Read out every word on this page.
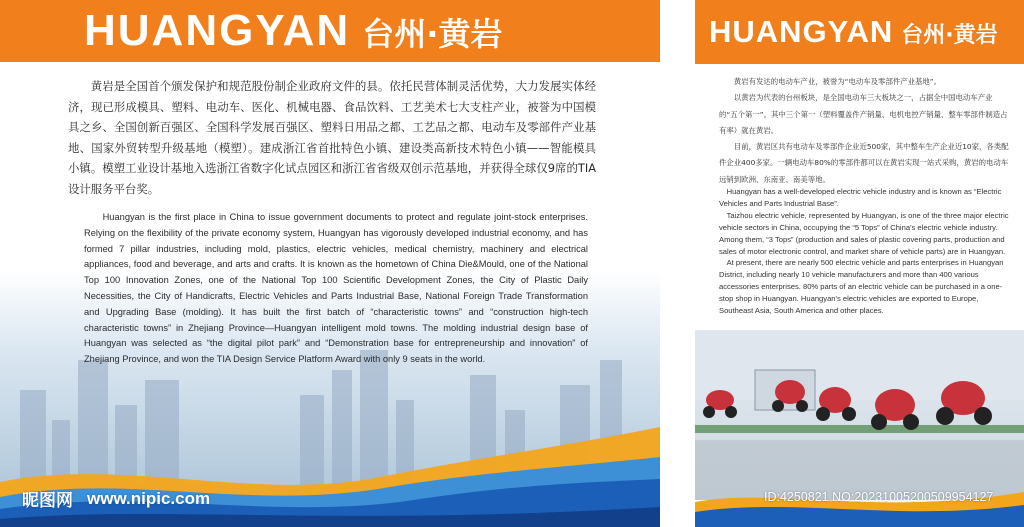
HUANGYAN 台州·黄岩
黄岩是全国首个颁发保护和规范股份制企业政府文件的县。依托民营体制灵活优势，大力发展实体经济，现已形成模具、塑料、电动车、医化、机械电器、食品饮料、工艺美术七大支柱产业，被誉为中国模具之乡、全国创新百强区、全国科学发展百强区、塑料日用品之都、工艺品之都、电动车及零部件产业基地、国家外贸转型升级基地（模塑）。建成浙江省首批特色小镇、建设类高新技术特色小镇——智能模具小镇。模塑工业设计基地入选浙江省数字化试点园区和浙江省省级双创示范基地，并获得全球仅9席的TIA设计服务平台奖。
Huangyan is the first place in China to issue government documents to protect and regulate joint-stock enterprises. Relying on the flexibility of the private economy system, Huangyan has vigorously developed industrial economy, and has formed 7 pillar industries, including mold, plastics, electric vehicles, medical chemistry, machinery and electrical appliances, food and beverage, and arts and crafts. It is known as the hometown of China Die&Mould, one of the National Top 100 Innovation Zones, one of the National Top 100 Scientific Development Zones, the City of Plastic Daily Necessities, the City of Handicrafts, Electric Vehicles and Parts Industrial Base, National Foreign Trade Transformation and Upgrading Base (molding). It has built the first batch of “characteristic towns” and “construction high-tech characteristic towns” in Zhejiang Province—Huangyan intelligent mold towns. The molding industrial design base of Huangyan was selected as “the digital pilot park” and “Demonstration base for entrepreneurship and innovation” of Zhejiang Province, and won the TIA Design Service Platform Award with only 9 seats in the world.
HUANGYAN 台州·黄岩

黄岩有发达的电动车产业，被誉为“电动车及零部件产业基地”。

以黄岩为代表的台州板块，是全国电动车三大板块之一，占据全中国电动车产业的“五个第一”。其中三个第一（塑料覆盖件产销量、电机电控产销量、整车零部件制造占有率）就在黄岩。

目前，黄岩区共有电动车及零部件企业近500家，其中整车生产企业近10家，各类配件企业400多家。一辆电动车80%的零部件都可以在黄岩实现一站式采购，黄岩的电动车远销到欧洲、东南亚、南美等地。

Huangyan has a well-developed electric vehicle industry and is known as “Electric Vehicles and Parts Industrial Base”.

Taizhou electric vehicle, represented by Huangyan, is one of the three major electric vehicle sectors in China, occupying the “5 Tops” of China's electric vehicle industry. Among them, “3 Tops” (production and sales of plastic covering parts, production and sales of motor electronic control, and market share of vehicle parts) are in Huangyan.

At present, there are nearly 500 electric vehicle and parts enterprises in Huangyan District, including nearly 10 vehicle manufacturers and more than 400 various accessories enterprises. 80% parts of an electric vehicle can be purchased in a one-stop shop in Huangyan. Huangyan's electric vehicles are exported to Europe, Southeast Asia, South America and other places.

昵图网 www.nipic.com	ID:4250821 NO:20231005200509954127
